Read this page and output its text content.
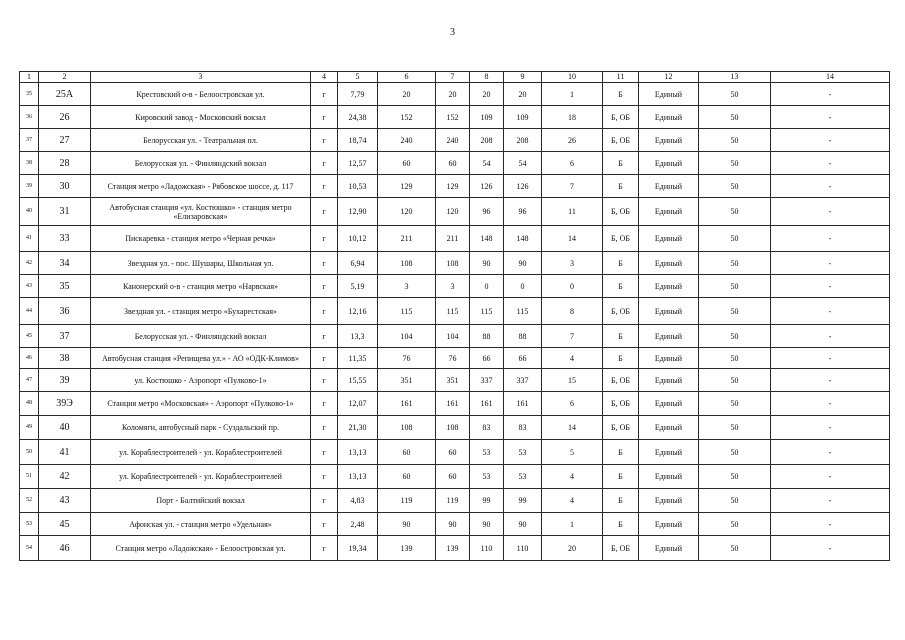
3
1	2	3	4	5	6	7	8	9	10	11	12	13	14
35	25А	Крестовский о-в - Белоостровская ул.	г	7,79	20	20	20	20	1	Б	Единый	50	-
36	26	Кировский завод - Московский вокзал	г	24,38	152	152	109	109	18	Б, ОБ	Единый	50	-
37	27	Белорусская ул. - Театральная пл.	г	18,74	240	240	208	208	26	Б, ОБ	Единый	50	-
38	28	Белорусская ул. - Финляндский вокзал	г	12,57	60	60	54	54	6	Б	Единый	50	-
39	30	Станция метро «Ладожская» - Рябовское шоссе, д. 117	г	10,53	129	129	126	126	7	Б	Единый	50	-
40	31	Автобусная станция «ул. Костюшко» - станция метро «Елизаровская»	г	12,90	120	120	96	96	11	Б, ОБ	Единый	50	-
41	33	Пискаревка - станция метро «Черная речка»	г	10,12	211	211	148	148	14	Б, ОБ	Единый	50	-
42	34	Звездная ул. - пос. Шушары, Школьная ул.	г	6,94	108	108	90	90	3	Б	Единый	50	-
43	35	Канонерский о-в - станция метро «Нарвская»	г	5,19	3	3	0	0	0	Б	Единый	50	-
44	36	Звездная ул. - станция метро «Бухарестская»	г	12,16	115	115	115	115	8	Б, ОБ	Единый	50	-
45	37	Белорусская ул. - Финляндский вокзал	г	13,3	104	104	88	88	7	Б	Единый	50	-
46	38	Автобусная станция «Репищева ул.» - АО «ОДК-Климов»	г	11,35	76	76	66	66	4	Б	Единый	50	-
47	39	ул. Костюшко - Аэропорт «Пулково-1»	г	15,55	351	351	337	337	15	Б, ОБ	Единый	50	-
48	39Э	Станция метро «Московская» - Аэропорт «Пулково-1»	г	12,07	161	161	161	161	6	Б, ОБ	Единый	50	-
49	40	Коломяги, автобусный парк - Суздальский пр.	г	21,30	108	108	83	83	14	Б, ОБ	Единый	50	-
50	41	ул. Кораблестроителей - ул. Кораблестроителей	г	13,13	60	60	53	53	5	Б	Единый	50	-
51	42	ул. Кораблестроителей - ул. Кораблестроителей	г	13,13	60	60	53	53	4	Б	Единый	50	-
52	43	Порт - Балтийский вокзал	г	4,83	119	119	99	99	4	Б	Единый	50	-
53	45	Афонская ул. - станция метро «Удельная»	г	2,48	90	90	90	90	1	Б	Единый	50	-
54	46	Станция метро «Ладожская» - Белоостровская ул.	г	19,34	139	139	110	110	20	Б, ОБ	Единый	50	-
